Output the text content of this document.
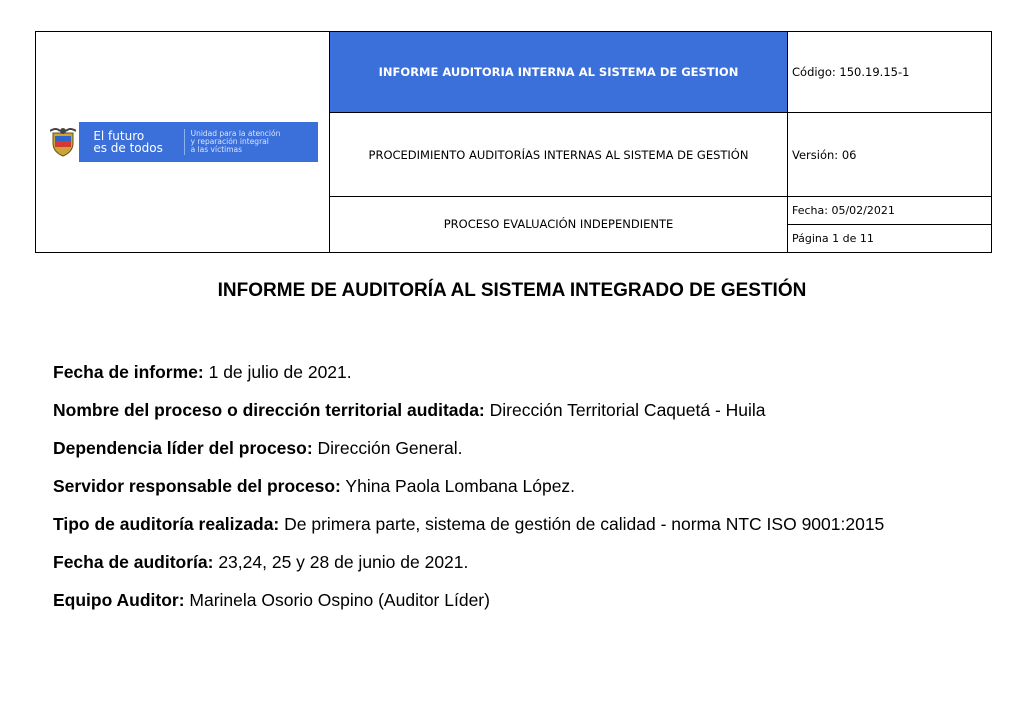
El futuro
es de todos
Unidad para la atención
y reparación integral
a las víctimas	INFORME AUDITORIA INTERNA AL SISTEMA DE GESTION	Código: 150.19.15-1
	PROCEDIMIENTO AUDITORÍAS INTERNAS AL SISTEMA DE GESTIÓN	Versión: 06
	PROCESO EVALUACIÓN INDEPENDIENTE	Fecha: 05/02/2021
		Página 1 de 11
INFORME DE AUDITORÍA AL SISTEMA INTEGRADO DE GESTIÓN
Fecha de informe: 1 de julio de 2021.
Nombre del proceso o dirección territorial auditada: Dirección Territorial Caquetá - Huila
Dependencia líder del proceso: Dirección General.
Servidor responsable del proceso: Yhina Paola Lombana López.
Tipo de auditoría realizada: De primera parte, sistema de gestión de calidad - norma NTC ISO 9001:2015
Fecha de auditoría: 23,24, 25 y 28 de junio de 2021.
Equipo Auditor: Marinela Osorio Ospino (Auditor Líder)
